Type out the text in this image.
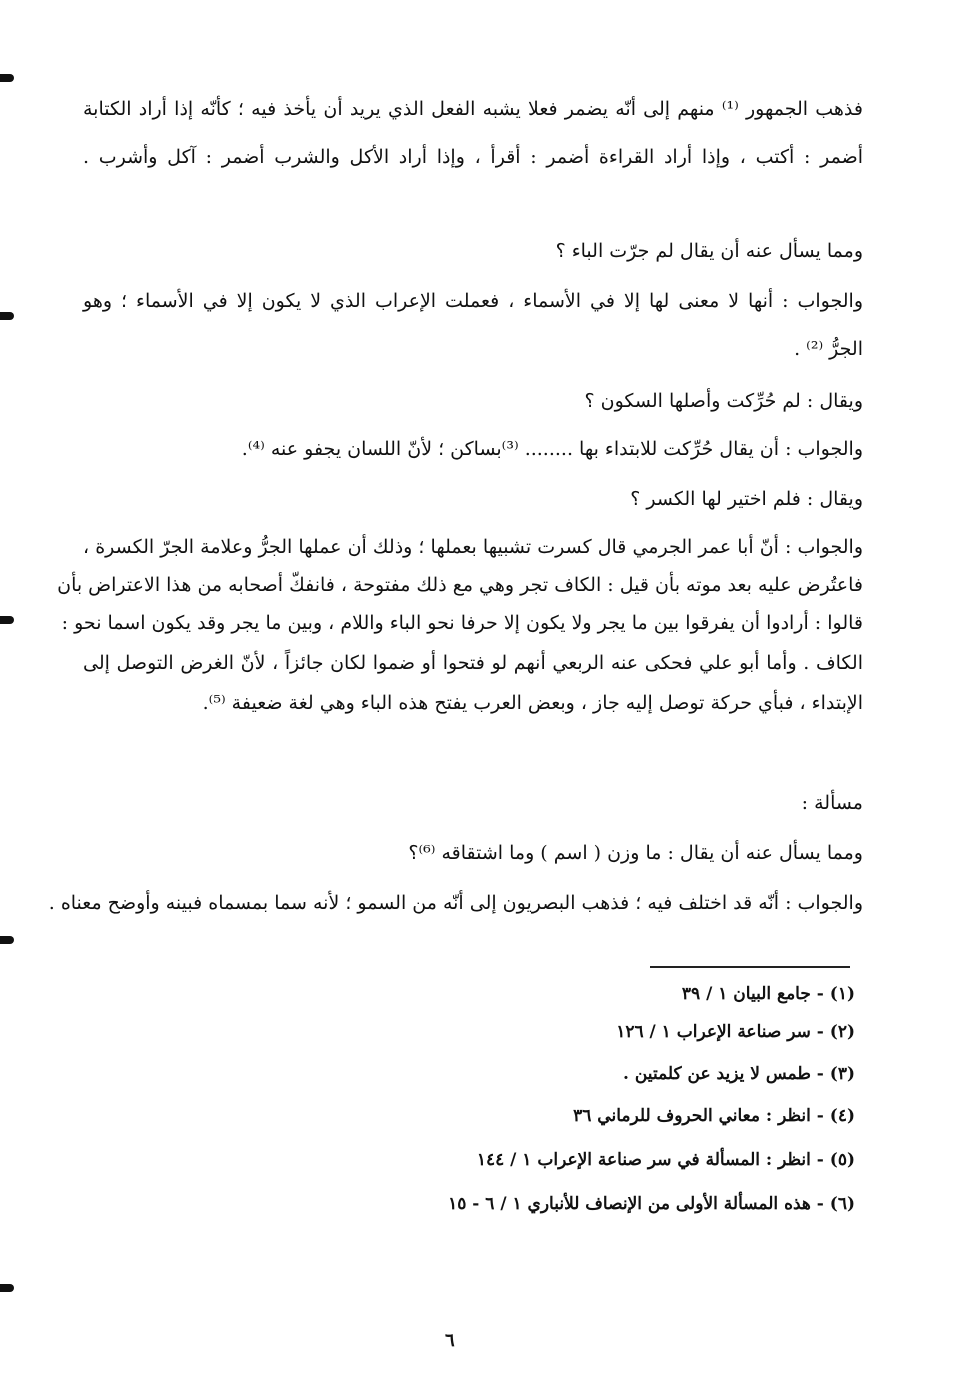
فذهب الجمهور ⁽¹⁾ منهم إلى أنّه يضمر فعلا يشبه الفعل الذي يريد أن يأخذ فيه ؛ كأنّه إذا أراد الكتابة

أضمر : أكتب ، وإذا أراد القراءة أضمر : أقرأ ، وإذا أراد الأكل والشرب أضمر : آكل وأشرب .

ومما يسأل عنه أن يقال لم جرّت الباء ؟

والجواب : أنها لا معنى لها إلا في الأسماء ، فعملت الإعراب الذي لا يكون إلا في الأسماء ؛ وهو

الجرُّ ⁽²⁾ .

ويقال : لم حُرِّكت وأصلها السكون ؟

والجواب : أن يقال حُرِّكت للابتداء بها ........ ⁽³⁾بساكن ؛ لأنّ اللسان يجفو عنه ⁽⁴⁾.

ويقال : فلم اختير لها الكسر ؟

والجواب : أنّ أبا عمر الجرمي قال كسرت تشبيها بعملها ؛ وذلك أن عملها الجرُّ وعلامة الجرّ الكسرة ،

فاعتُرض عليه بعد موته بأن قيل : الكاف تجر وهي مع ذلك مفتوحة ، فانفكّ أصحابه من هذا الاعتراض بأن

قالوا : أرادوا أن يفرقوا بين ما يجر ولا يكون إلا حرفا نحو الباء واللام ، وبين ما يجر وقد يكون اسما نحو :

الكاف . وأما أبو علي فحكى عنه الربعي أنهم لو فتحوا أو ضموا لكان جائزاً ، لأنّ الغرض التوصل إلى

الإبتداء ، فبأي حركة توصل إليه جاز ، وبعض العرب يفتح هذه الباء وهي لغة ضعيفة ⁽⁵⁾.

مسألة :

ومما يسأل عنه أن يقال : ما وزن ( اسم ) وما اشتقاقه ⁽⁶⁾؟

والجواب : أنّه قد اختلف فيه ؛ فذهب البصريون إلى أنّه من السمو ؛ لأنه سما بمسماه فبينه وأوضح معناه .

(١) - جامع البيان ١ / ٣٩

(٢) - سر صناعة الإعراب ١ / ١٢٦

(٣) - طمس لا يزيد عن كلمتين .

(٤) - انظر : معاني الحروف للرماني ٣٦

(٥) - انظر : المسألة في سر صناعة الإعراب ١ / ١٤٤

(٦) - هذه المسألة الأولى من الإنصاف للأنباري ١ / ٦ - ١٥

٦
